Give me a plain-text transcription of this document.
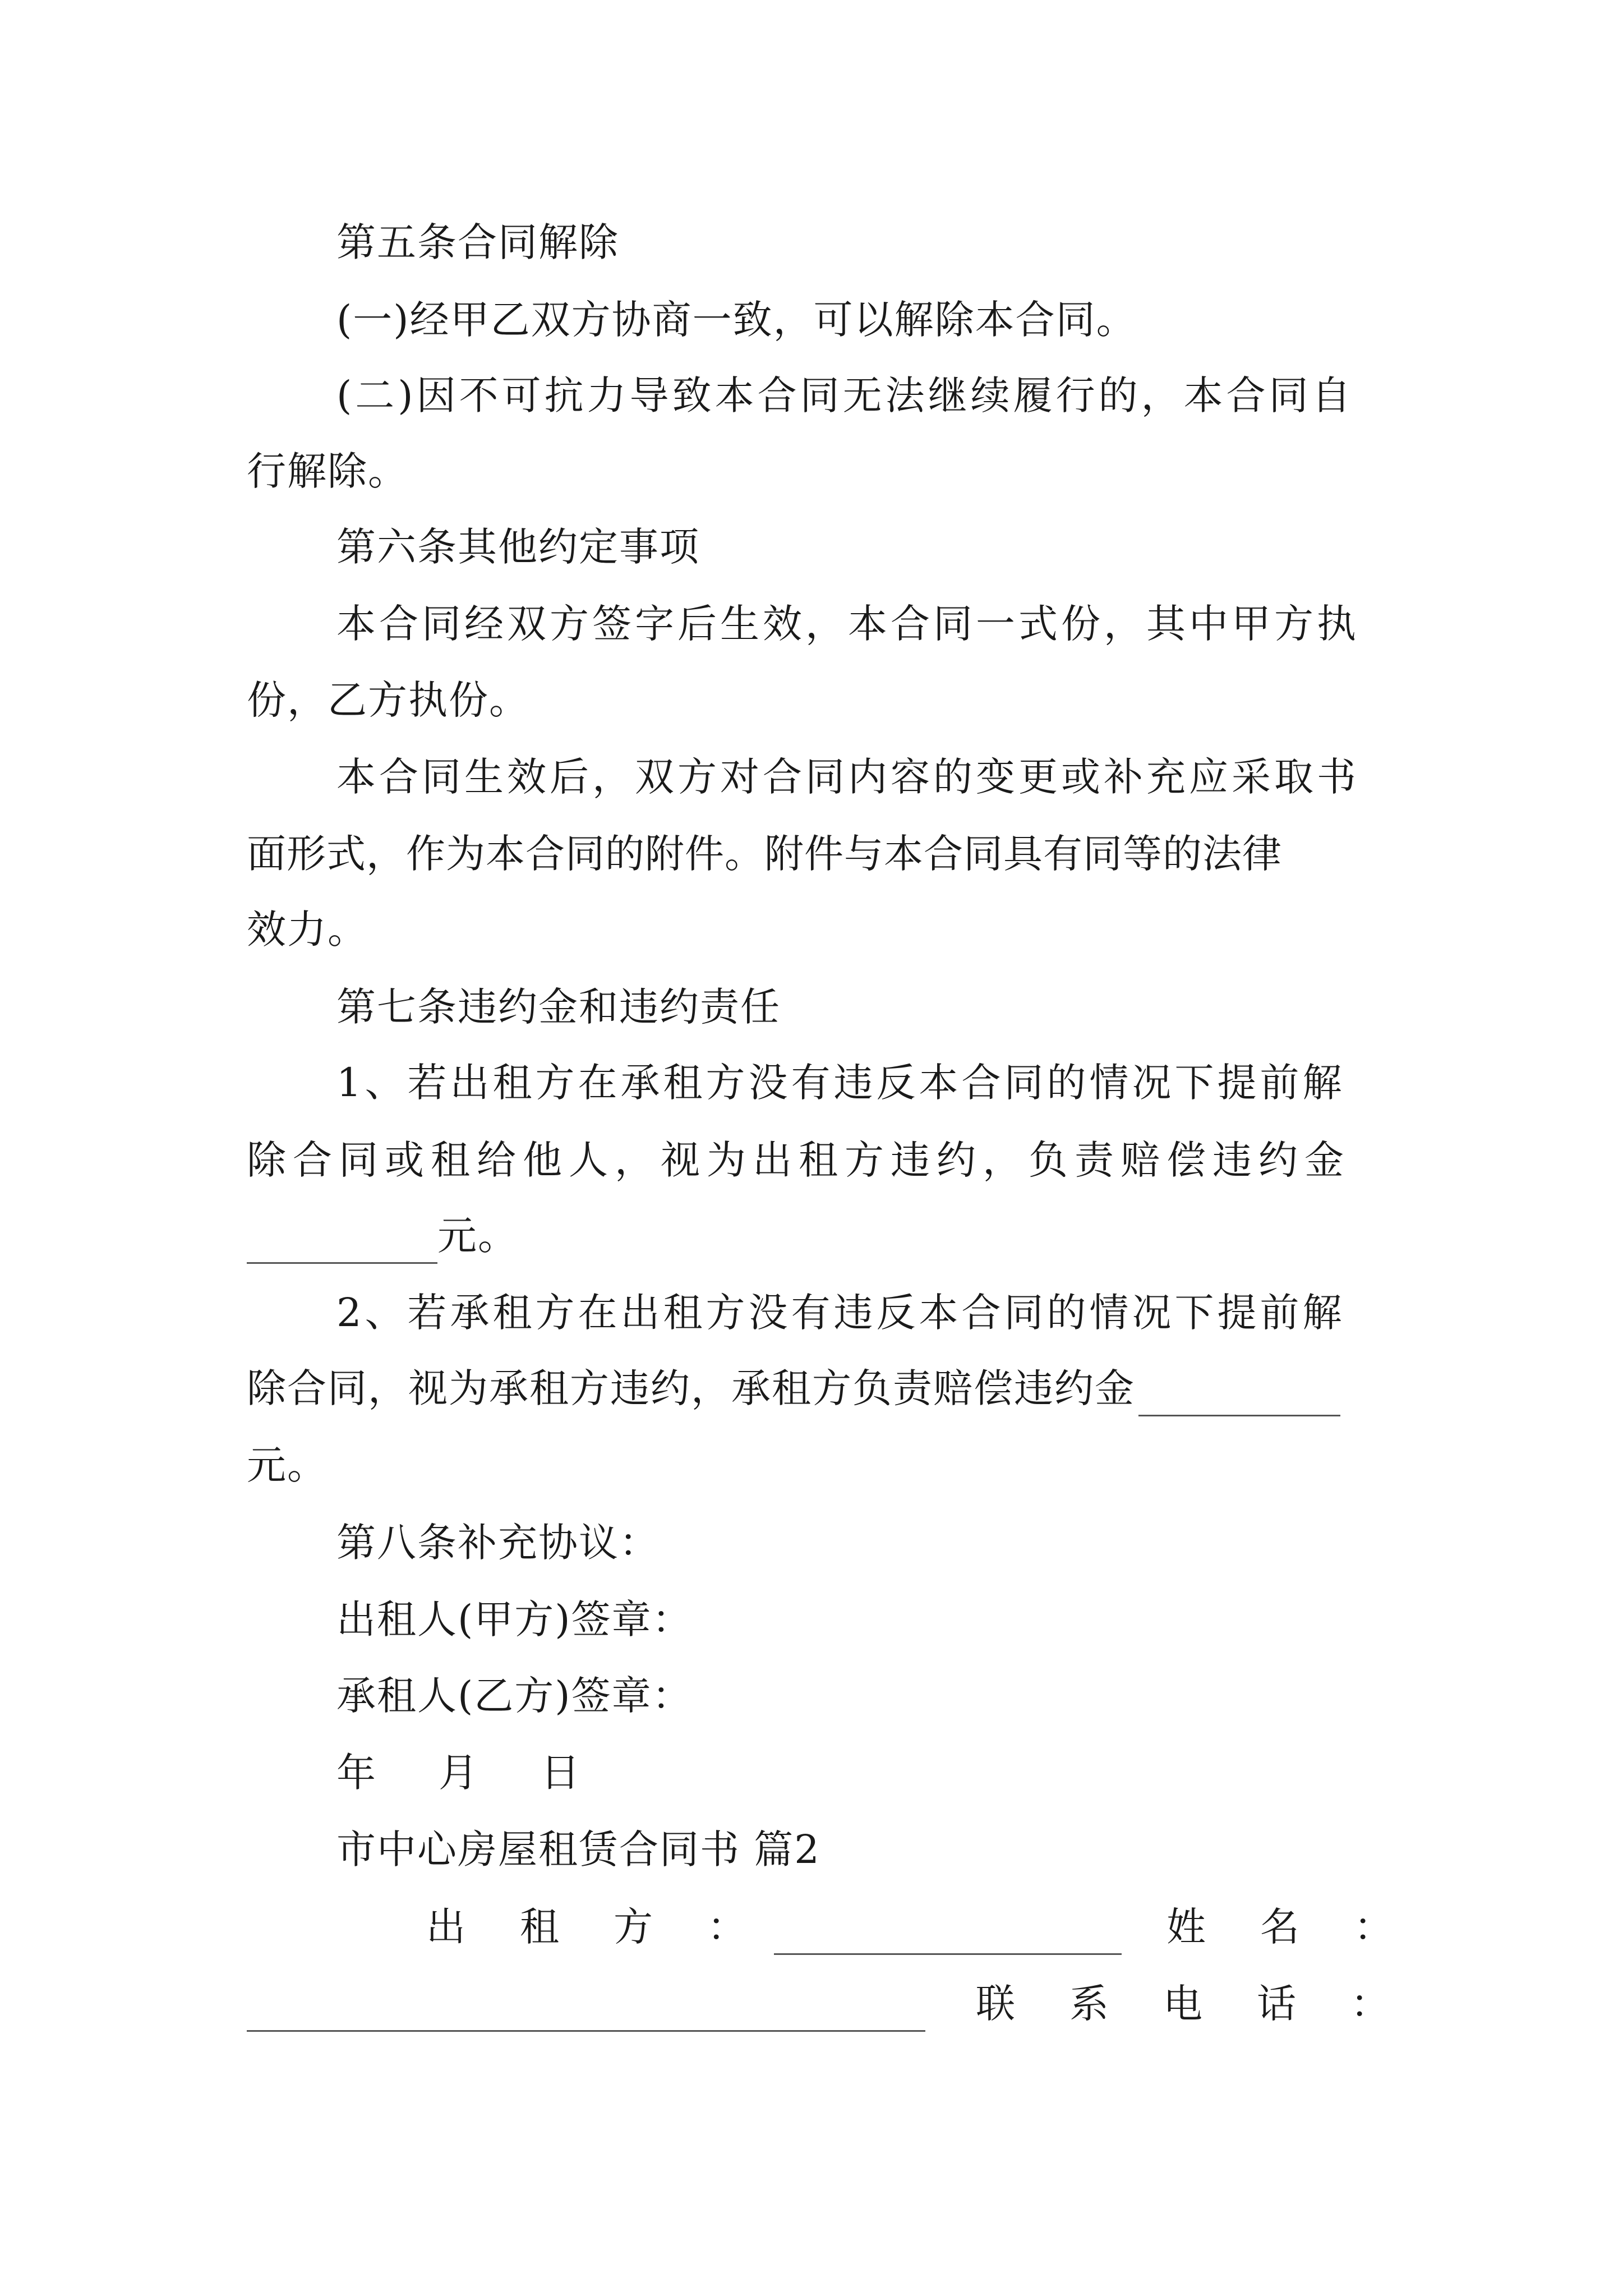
第五条合同解除
(一)经甲乙双方协商一致，可以解除本合同。
(二)因不可抗力导致本合同无法继续履行的，本合同自
行解除。
第六条其他约定事项
本合同经双方签字后生效，本合同一式份，其中甲方执
份，乙方执份。
本合同生效后，双方对合同内容的变更或补充应采取书
面形式，作为本合同的附件。附件与本合同具有同等的法律
效力。
第七条违约金和违约责任
1、若出租方在承租方没有违反本合同的情况下提前解
除合同或租给他人，视为出租方违约，负责赔偿违约金
元。
2、若承租方在出租方没有违反本合同的情况下提前解
除合同，视为承租方违约，承租方负责赔偿违约金
元。
第八条补充协议：
出租人(甲方)签章：
承租人(乙方)签章：
年 月 日
市中心房屋租赁合同书 篇2
出 租 方 ：	姓 名 ：
联 系 电 话 ：
